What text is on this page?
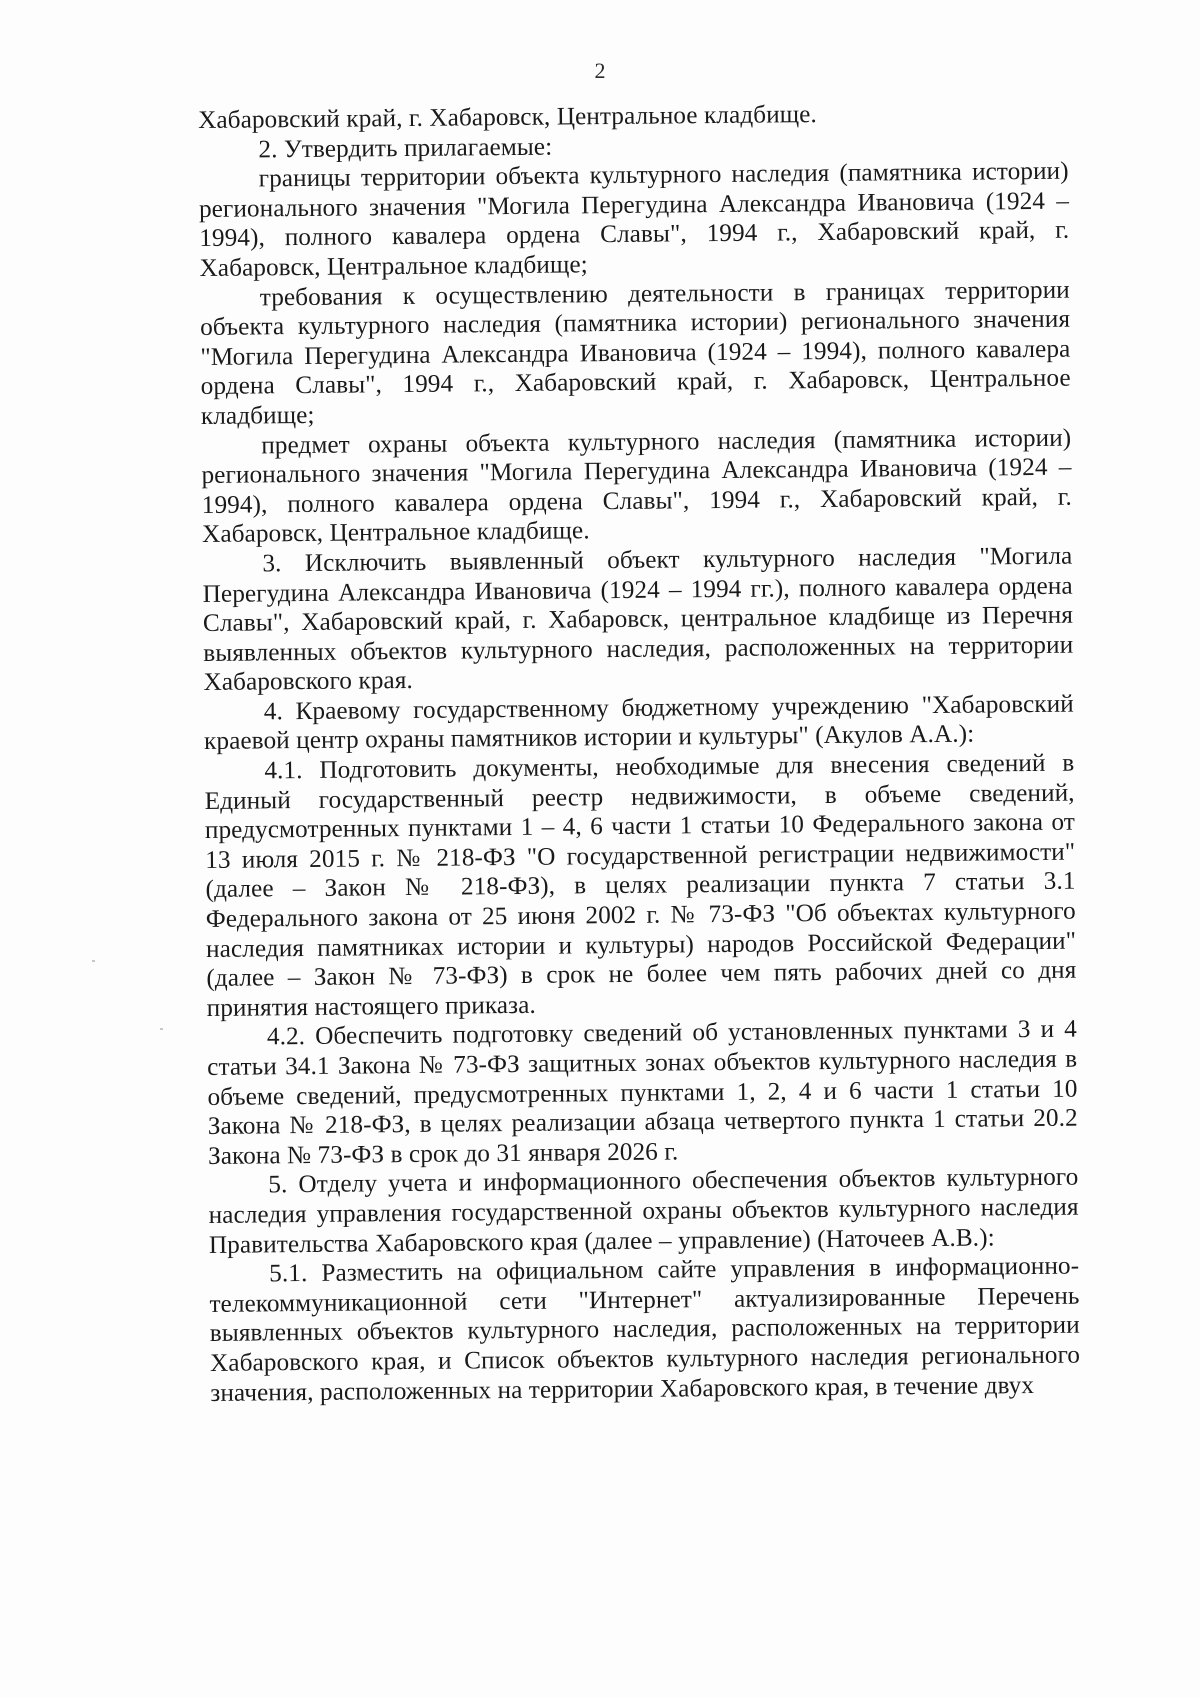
2

Хабаровский край, г. Хабаровск, Центральное кладбище.

2. Утвердить прилагаемые:

границы территории объекта культурного наследия (памятника истории) регионального значения "Могила Перегудина Александра Ивановича (1924 – 1994), полного кавалера ордена Славы", 1994 г., Хабаровский край, г. Хабаровск, Центральное кладбище;

требования к осуществлению деятельности в границах территории объекта культурного наследия (памятника истории) регионального значения "Могила Перегудина Александра Ивановича (1924 – 1994), полного кавалера ордена Славы", 1994 г., Хабаровский край, г. Хабаровск, Центральное кладбище;

предмет охраны объекта культурного наследия (памятника истории) регионального значения "Могила Перегудина Александра Ивановича (1924 – 1994), полного кавалера ордена Славы", 1994 г., Хабаровский край, г. Хабаровск, Центральное кладбище.

3. Исключить выявленный объект культурного наследия "Могила Перегудина Александра Ивановича (1924 – 1994 гг.), полного кавалера ордена Славы", Хабаровский край, г. Хабаровск, центральное кладбище из Перечня выявленных объектов культурного наследия, расположенных на территории Хабаровского края.

4. Краевому государственному бюджетному учреждению "Хабаровский краевой центр охраны памятников истории и культуры" (Акулов А.А.):

4.1. Подготовить документы, необходимые для внесения сведений в Единый государственный реестр недвижимости, в объеме сведений, предусмотренных пунктами 1 – 4, 6 части 1 статьи 10 Федерального закона от 13 июля 2015 г. № 218-ФЗ "О государственной регистрации недвижимости" (далее – Закон № 218-ФЗ), в целях реализации пункта 7 статьи 3.1 Федерального закона от 25 июня 2002 г. № 73-ФЗ "Об объектах культурного наследия памятниках истории и культуры) народов Российской Федерации" (далее – Закон № 73-ФЗ) в срок не более чем пять рабочих дней со дня принятия настоящего приказа.

4.2. Обеспечить подготовку сведений об установленных пунктами 3 и 4 статьи 34.1 Закона № 73-ФЗ защитных зонах объектов культурного наследия в объеме сведений, предусмотренных пунктами 1, 2, 4 и 6 части 1 статьи 10 Закона № 218-ФЗ, в целях реализации абзаца четвертого пункта 1 статьи 20.2 Закона № 73-ФЗ в срок до 31 января 2026 г.

5. Отделу учета и информационного обеспечения объектов культурного наследия управления государственной охраны объектов культурного наследия Правительства Хабаровского края (далее – управление) (Наточеев А.В.):

5.1. Разместить на официальном сайте управления в информационно-телекоммуникационной сети "Интернет" актуализированные Перечень выявленных объектов культурного наследия, расположенных на территории Хабаровского края, и Список объектов культурного наследия регионального значения, расположенных на территории Хабаровского края, в течение двух
